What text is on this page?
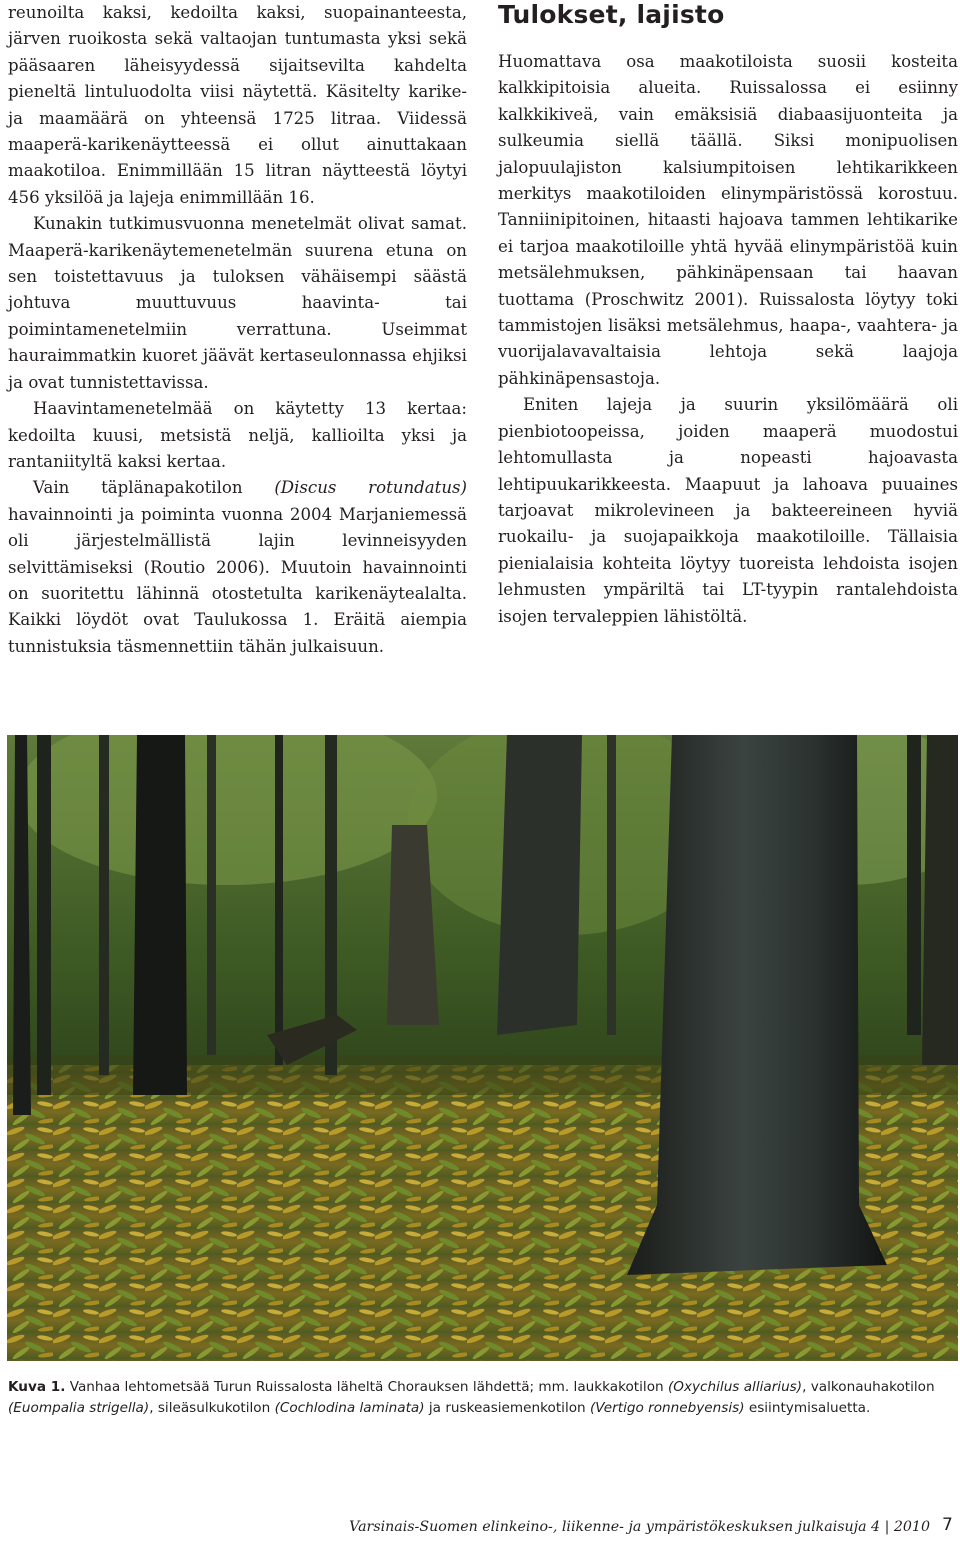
reunoilta kaksi, kedoilta kaksi, suopainanteesta, järven ruoikosta sekä valtaojan tuntumasta yksi sekä pääsaaren läheisyydessä sijaitsevilta kahdelta pieneltä lintuluodolta viisi näytettä. Käsitelty karike- ja maamäärä on yhteensä 1725 litraa. Viidessä maaperä-karikenäytteessä ei ollut ainuttakaan maakotiloa. Enimmillään 15 litran näytteestä löytyi 456 yksilöä ja lajeja enimmillään 16.

Kunakin tutkimusvuonna menetelmät olivat samat. Maaperä-karikenäytemenetelmän suurena etuna on sen toistettavuus ja tuloksen vähäisempi säästä johtuva muuttuvuus haavinta- tai poimintamenetelmiin verrattuna. Useimmat hauraimmatkin kuoret jäävät kertaseulonnassa ehjiksi ja ovat tunnistettavissa.

Haavintamenetelmää on käytetty 13 kertaa: kedoilta kuusi, metsistä neljä, kallioilta yksi ja rantaniityltä kaksi kertaa.

Vain täplänapakotilon (Discus rotundatus) havainnointi ja poiminta vuonna 2004 Marjaniemessä oli järjestelmällistä lajin levinneisyyden selvittämiseksi (Routio 2006). Muutoin havainnointi on suoritettu lähinnä otostetulta karikenäytealalta. Kaikki löydöt ovat Taulukossa 1. Eräitä aiempia tunnistuksia täsmennettiin tähän julkaisuun.

Tulokset, lajisto

Huomattava osa maakotiloista suosii kosteita kalkkipitoisia alueita. Ruissalossa ei esiinny kalkkikiveä, vain emäksisiä diabaasijuonteita ja sulkeumia siellä täällä. Siksi monipuolisen jalopuulajiston kalsiumpitoisen lehtikarikkeen merkitys maakotiloiden elinympäristössä korostuu. Tanniinipitoinen, hitaasti hajoava tammen lehtikarike ei tarjoa maakotiloille yhtä hyvää elinympäristöä kuin metsälehmuksen, pähkinäpensaan tai haavan tuottama (Proschwitz 2001). Ruissalosta löytyy toki tammistojen lisäksi metsälehmus, haapa-, vaahtera- ja vuorijalavavaltaisia lehtoja sekä laajoja pähkinäpensastoja.

Eniten lajeja ja suurin yksilömäärä oli pienbiotoopeissa, joiden maaperä muodostui lehtomullasta ja nopeasti hajoavasta lehtipuukarikkeesta. Maapuut ja lahoava puuaines tarjoavat mikrolevineen ja bakteereineen hyviä ruokailu- ja suojapaikkoja maakotiloille. Tällaisia pienialaisia kohteita löytyy tuoreista lehdoista isojen lehmusten ympäriltä tai LT-tyypin rantalehdoista isojen tervaleppien lähistöltä.

Kuva 1. Vanhaa lehtometsää Turun Ruissalosta läheltä Chorauksen lähdettä; mm. laukkakotilon (Oxychilus alliarius), valkonauhakotilon (Euompalia strigella), sileäsulkukotilon (Cochlodina laminata) ja ruskeasiemenkotilon (Vertigo ronnebyensis) esiintymisaluetta.
Varsinais-Suomen elinkeino-, liikenne- ja ympäristökeskuksen julkaisuja 4 | 2010 7
